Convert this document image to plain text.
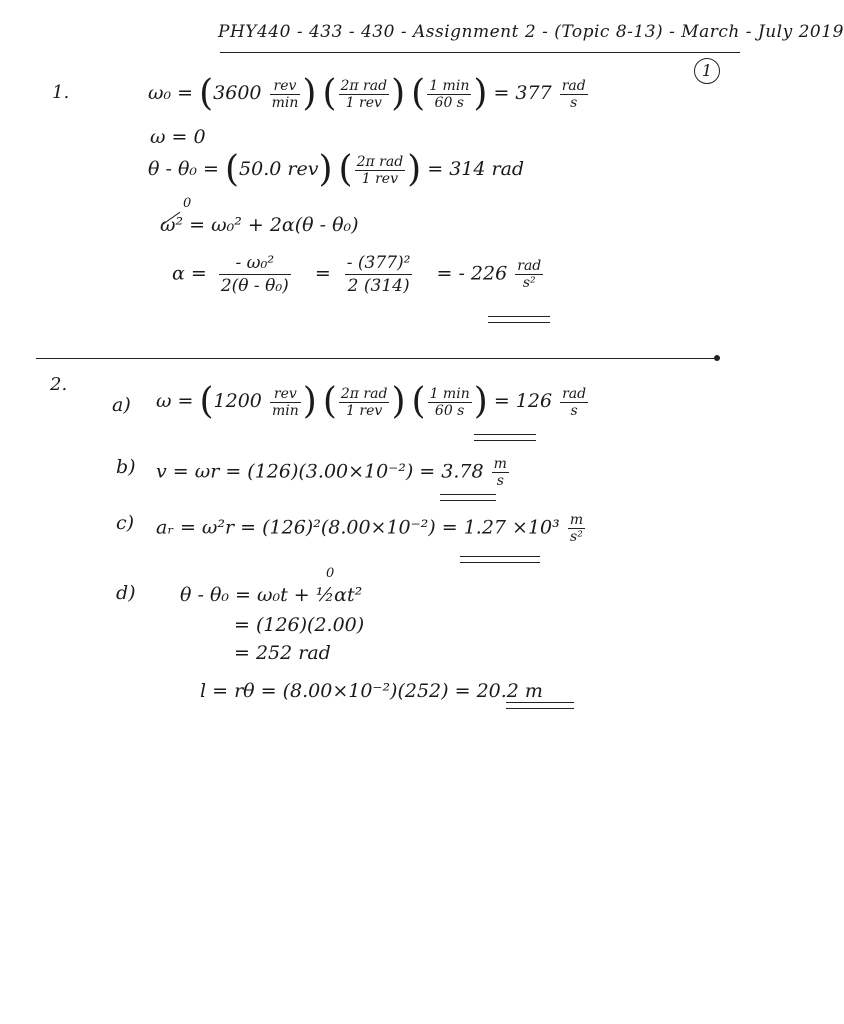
PHY440 - 433 - 430 - Assignment 2 - (Topic 8-13) - March - July 2019
1
1.	$\omega_0 = (3600 \frac{\text{rev}}{\min}$ ) ( $\frac{\text{2π rad}}{\text{1 rev}}$ ) ( $\frac{1 \min}{60 s}$ ) = $377 \frac{\text{rad}}{s}$
ω = 0
θ - θ₀ = (50.0 rev) ( $\frac{\text{2π rad}}{\text{1 rev}}$ ) = 314 rad
0
ω² = ω₀² + 2α(θ - θ₀)
$\alpha = \frac{\text{- ω₀²}}{\text{2(θ - θ₀)}} = \frac{\text{- (377)²}}{2 (314)}$ = - $226 \frac{\text{rad}}{\text{s²}}$
2.
a) $\omega = (1200 \frac{\text{rev}}{\min}$ ) ( $\frac{\text{2π rad}}{\text{1 rev}}$ ) ( $\frac{1 \min}{60 s}$ ) = $126 \frac{\text{rad}}{s}$
b) $v = \omega r = (126)(3.00\times 10^{-2}) = 3.78 \frac{m}{s}$
c) aᵣ = $\omega^2r = (126)^2(8.00\times 10^{-2}) = 1.27 \times 10^3 \frac{m}{\text{s²}}$
d)
0
θ - θ₀ = ω₀t + ½αt²
= (126)(2.00)
= 252 rad
l = rθ = (8.00×10⁻²)(252) = 20.2 m
